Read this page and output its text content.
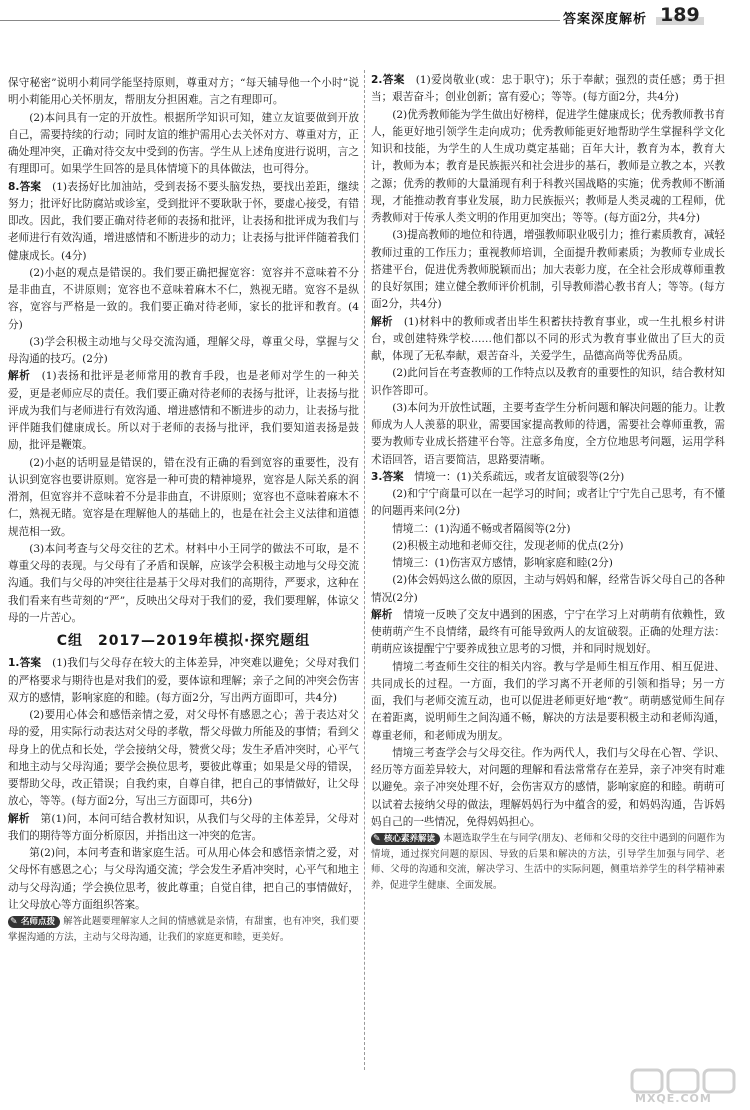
答案深度解析 189

保守秘密”说明小莉同学能坚持原则，尊重对方；“每天辅导他一个小时”说明小莉能用心关怀朋友，帮朋友分担困难。言之有理即可。

(2)本问具有一定的开放性。根据所学知识可知，建立友谊要做到开放自己，需要持续的行动；同时友谊的维护需用心去关怀对方、尊重对方，正确处理冲突，正确对待交友中受到的伤害。学生从上述角度进行说明，言之有理即可。如果学生回答的是具体情境下的具体做法，也可得分。

8.答案　 (1)表扬好比加油站，受到表扬不要头脑发热，要找出差距，继续努力；批评好比防腐站或诊室，受到批评不要耿耿于怀，要虚心接受，有错即改。因此，我们要正确对待老师的表扬和批评，让表扬和批评成为我们与老师进行有效沟通，增进感情和不断进步的动力；让表扬与批评伴随着我们健康成长。(4分)

(2)小赵的观点是错误的。我们要正确把握宽容：宽容并不意味着不分是非曲直，不讲原则；宽容也不意味着麻木不仁，熟视无睹。宽容不是纵容，宽容与严格是一致的。我们要正确对待老师，家长的批评和教育。(4分)

(3)学会积极主动地与父母交流沟通，理解父母，尊重父母，掌握与父母沟通的技巧。(2分)

解析　 (1)表扬和批评是老师常用的教育手段，也是老师对学生的一种关爱，更是老师应尽的责任。我们要正确对待老师的表扬与批评，让表扬与批评成为我们与老师进行有效沟通、增进感情和不断进步的动力，让表扬与批评伴随我们健康成长。所以对于老师的表扬与批评，我们要知道表扬是鼓励，批评是鞭策。

(2)小赵的话明显是错误的，错在没有正确的看到宽容的重要性，没有认识到宽容也要讲原则。宽容是一种可贵的精神境界，宽容是人际关系的润滑剂，但宽容并不意味着不分是非曲直，不讲原则；宽容也不意味着麻木不仁，熟视无睹。宽容是在理解他人的基础上的，也是在社会主义法律和道德规范相一致。

(3)本问考查与父母交往的艺术。材料中小王同学的做法不可取，是不尊重父母的表现。与父母有了矛盾和误解，应该学会积极主动地与父母交流沟通。我们与父母的冲突往往是基于父母对我们的高期待，严要求，这种在我们看来有些苛刻的“严”，反映出父母对于我们的爱，我们要理解，体谅父母的一片苦心。

C组　2017—2019年模拟·探究题组

1.答案　 (1)我们与父母存在较大的主体差异，冲突难以避免；父母对我们的严格要求与期待也是对我们的爱，要体谅和理解；亲子之间的冲突会伤害双方的感情，影响家庭的和睦。(每方面2分，写出两方面即可，共4分)

(2)要用心体会和感悟亲情之爱，对父母怀有感恩之心；善于表达对父母的爱，用实际行动表达对父母的孝敬，帮父母做力所能及的事情；看到父母身上的优点和长处，学会接纳父母，赞赏父母；发生矛盾冲突时，心平气和地主动与父母沟通；要学会换位思考，要彼此尊重；如果是父母的错误，要帮助父母，改正错误；自我约束，自尊自律，把自己的事情做好，让父母放心，等等。(每方面2分，写出三方面即可，共6分)

解析　 第(1)问，本问可结合教材知识，从我们与父母的主体差异，父母对我们的期待等方面分析原因，并指出这一冲突的危害。

第(2)问，本问考查和谐家庭生活。可从用心体会和感悟亲情之爱，对父母怀有感恩之心；与父母沟通交流；学会发生矛盾冲突时，心平气和地主动与父母沟通；学会换位思考，彼此尊重；自觉自律，把自己的事情做好，让父母放心等方面组织答案。

✎ 名师点拨 解答此题要理解家人之间的情感就是亲情，有甜蜜，也有冲突，我们要掌握沟通的方法，主动与父母沟通，让我们的家庭更和睦，更美好。

2.答案　 (1)爱岗敬业(或：忠于职守)；乐于奉献；强烈的责任感；勇于担当；艰苦奋斗；创业创新；富有爱心；等等。(每方面2分，共4分)

(2)优秀教师能为学生做出好榜样，促进学生健康成长；优秀教师教书育人，能更好地引领学生走向成功；优秀教师能更好地帮助学生掌握科学文化知识和技能，为学生的人生成功奠定基础；百年大计，教育为本，教育大计，教师为本；教育是民族振兴和社会进步的基石，教师是立教之本，兴教之源；优秀的教师的大量涌现有利于科教兴国战略的实施；优秀教师不断涌现，才能推动教育事业发展，助力民族振兴；教师是人类灵魂的工程师，优秀教师对于传承人类文明的作用更加突出；等等。(每方面2分，共4分)

(3)提高教师的地位和待遇，增强教师职业吸引力；推行素质教育，减轻教师过重的工作压力；重视教师培训，全面提升教师素质；为教师专业成长搭建平台，促进优秀教师脱颖而出；加大表彰力度，在全社会形成尊师重教的良好氛围；建立健全教师评价机制，引导教师潜心教书育人；等等。(每方面2分，共4分)

解析　 (1)材料中的教师或者出毕生积蓄扶持教育事业，或一生扎根乡村讲台，或创建特殊学校……他们都以不同的形式为教育事业做出了巨大的贡献，体现了无私奉献，艰苦奋斗，关爱学生，品德高尚等优秀品质。

(2)此问旨在考查教师的工作特点以及教育的重要性的知识，结合教材知识作答即可。

(3)本问为开放性试题，主要考查学生分析问题和解决问题的能力。让教师成为人人羡慕的职业，需要国家提高教师的待遇，需要社会尊师重教，需要为教师专业成长搭建平台等。注意多角度，全方位地思考问题，运用学科术语回答，语言要简洁，思路要清晰。

3.答案　 情境一：(1)关系疏远，或者友谊破裂等(2分)

(2)和宁宁商量可以在一起学习的时间；或者让宁宁先自己思考，有不懂的问题再来问(2分)

情境二：(1)沟通不畅或者隔阂等(2分)

(2)积极主动地和老师交往，发现老师的优点(2分)

情境三：(1)伤害双方感情，影响家庭和睦(2分)

(2)体会妈妈这么做的原因，主动与妈妈和解，经常告诉父母自己的各种情况(2分)

解析　 情境一反映了交友中遇到的困惑，宁宁在学习上对萌萌有依赖性，致使萌萌产生不良情绪，最终有可能导致两人的友谊破裂。正确的处理方法：萌萌应该提醒宁宁要养成独立思考的习惯，并和同时规划好。

情境二考查师生交往的相关内容。教与学是师生相互作用、相互促进、共同成长的过程。一方面，我们的学习离不开老师的引领和指导；另一方面，我们与老师交流互动，也可以促进老师更好地“教”。萌萌感觉师生间存在着距离，说明师生之间沟通不畅，解决的方法是要积极主动和老师沟通，尊重老师，和老师成为朋友。

情境三考查学会与父母交往。作为两代人，我们与父母在心智、学识、经历等方面差异较大，对问题的理解和看法常常存在差异，亲子冲突有时难以避免。亲子冲突处理不好，会伤害双方的感情，影响家庭的和睦。萌萌可以试着去接纳父母的做法，理解妈妈行为中蕴含的爱，和妈妈沟通，告诉妈妈自己的一些情况，免得妈妈担心。

✎ 核心素养解读 本题选取学生在与同学(朋友)、老师和父母的交往中遇到的问题作为情境，通过探究问题的原因、导致的后果和解决的方法，引导学生加强与同学、老师、父母的沟通和交流，解决学习、生活中的实际问题，侧重培养学生的科学精神素养，促进学生健康、全面发展。

MXQE.COM
